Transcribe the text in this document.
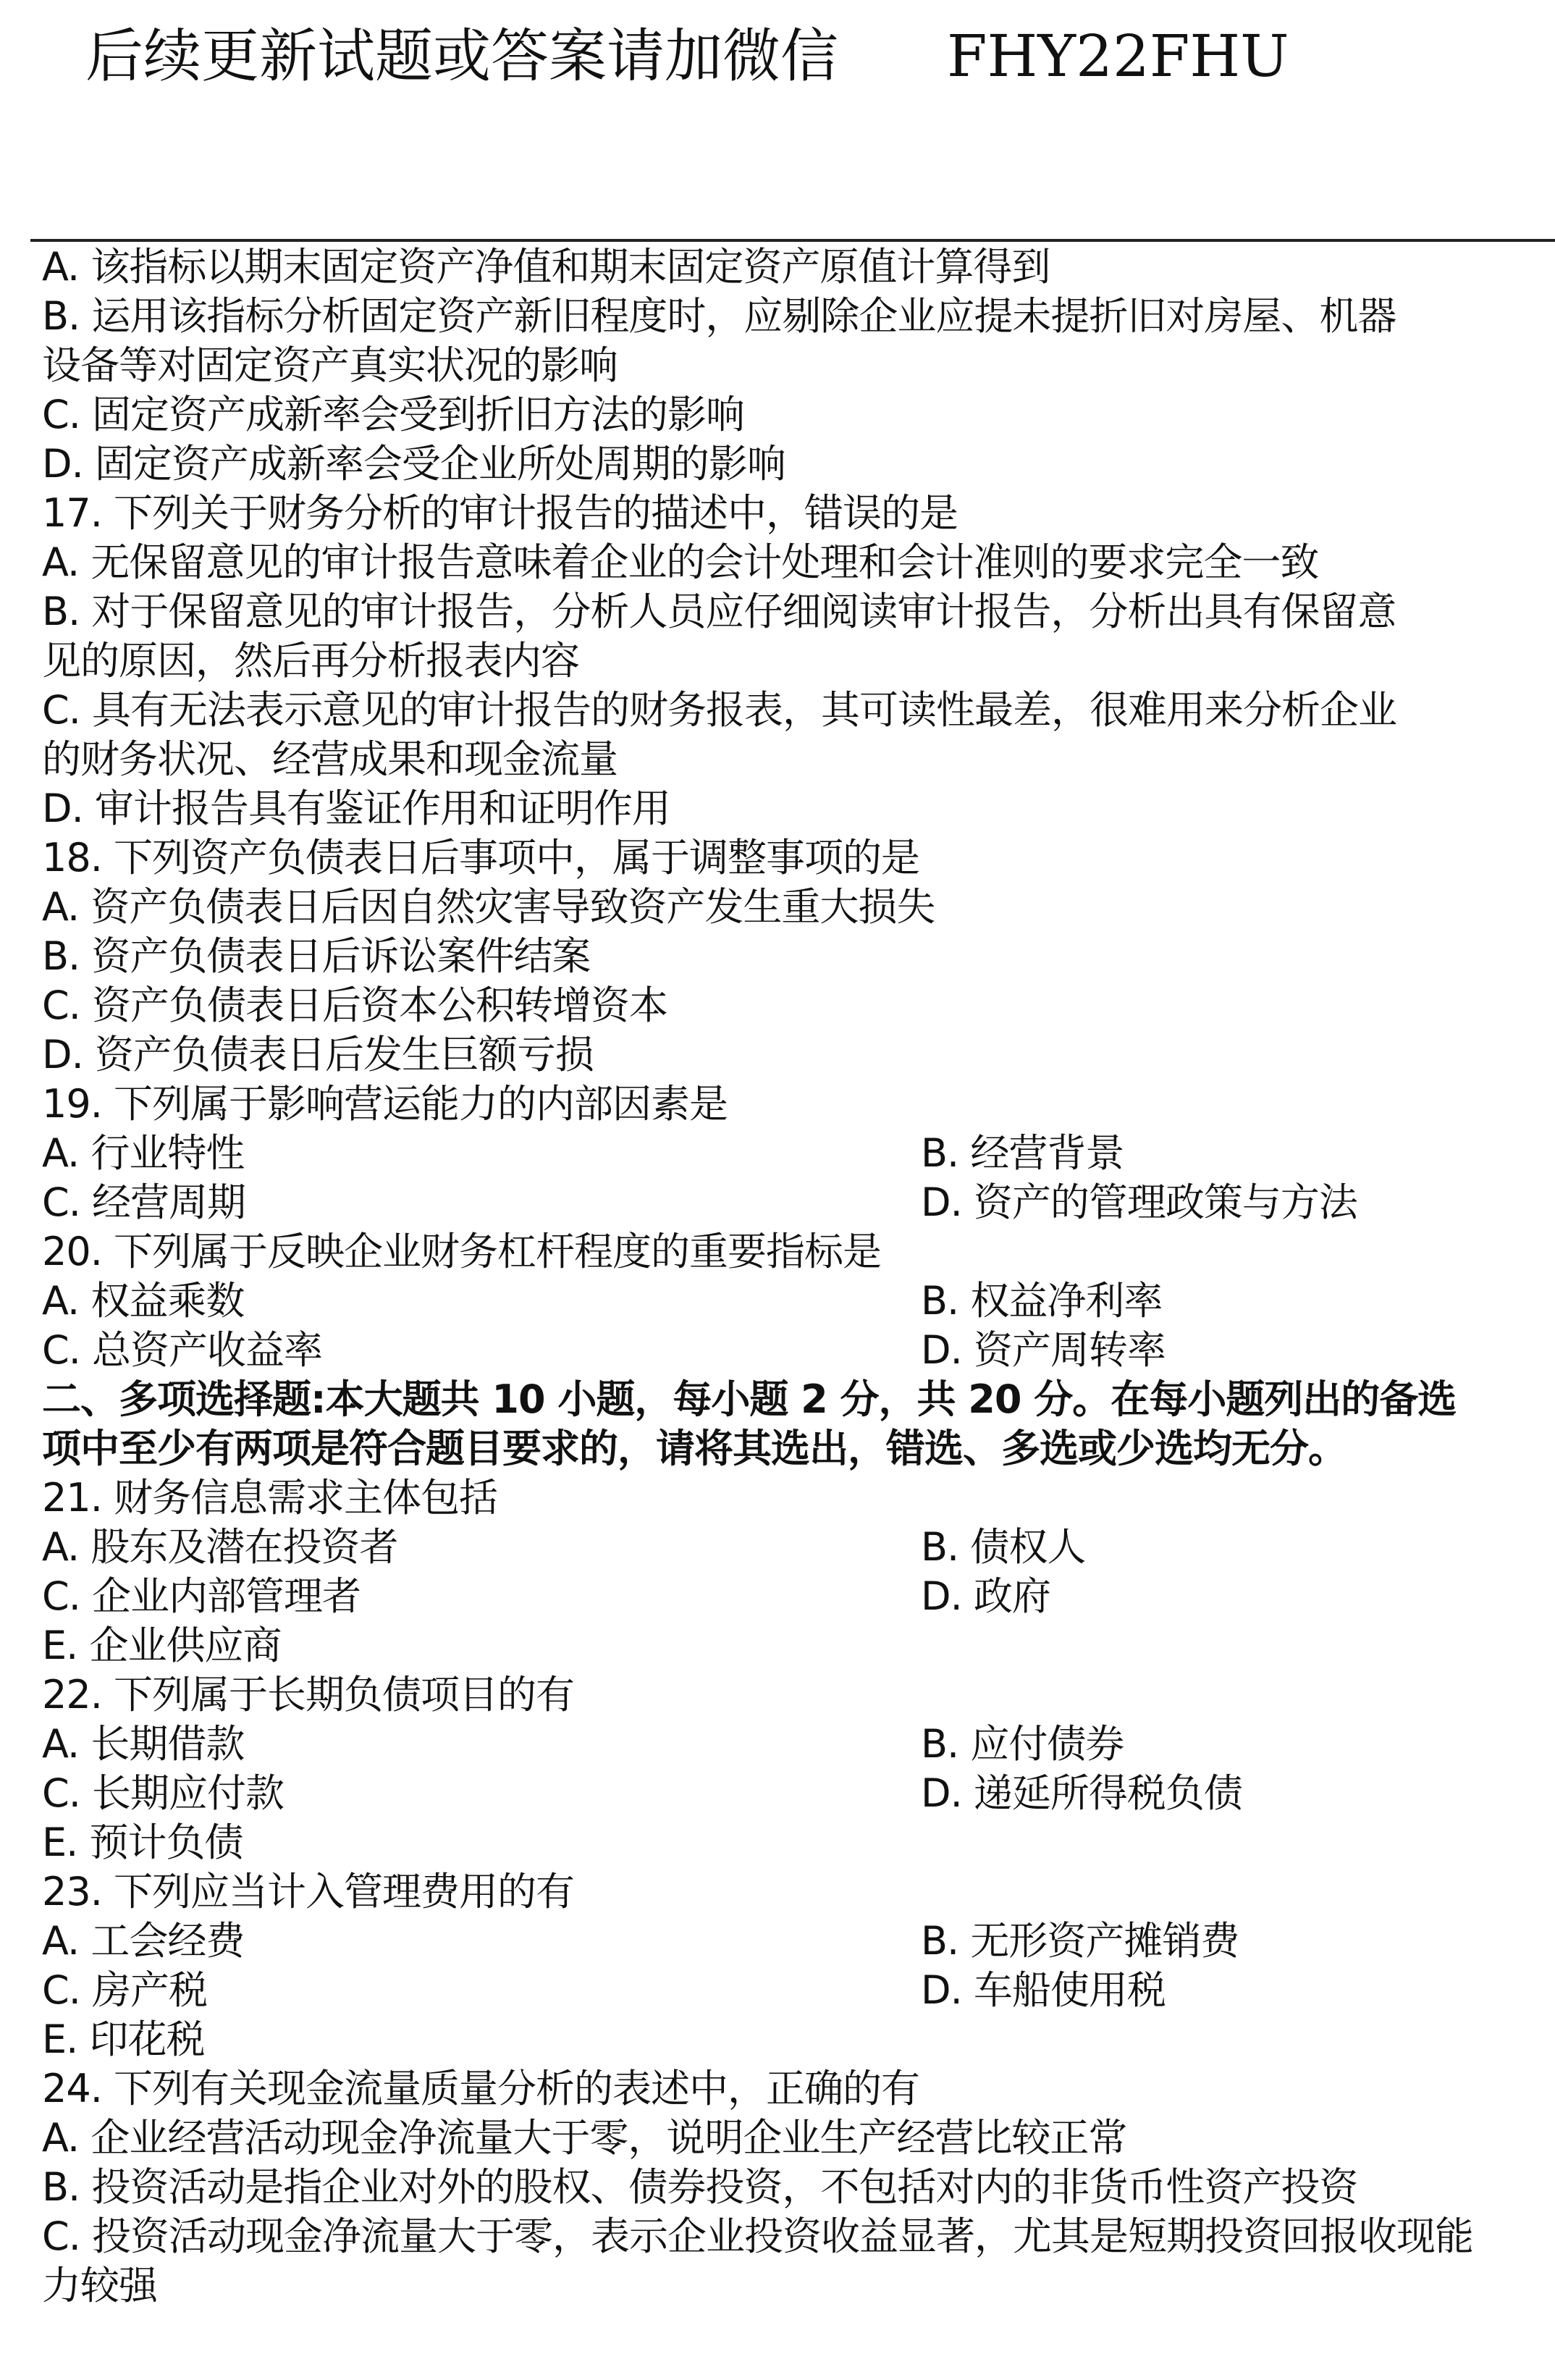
后续更新试题或答案请加微信 FHY22FHU
A. 该指标以期末固定资产净值和期末固定资产原值计算得到
B. 运用该指标分析固定资产新旧程度时，应剔除企业应提未提折旧对房屋、机器
设备等对固定资产真实状况的影响
C. 固定资产成新率会受到折旧方法的影响
D. 固定资产成新率会受企业所处周期的影响
17. 下列关于财务分析的审计报告的描述中，错误的是
A. 无保留意见的审计报告意味着企业的会计处理和会计准则的要求完全一致
B. 对于保留意见的审计报告，分析人员应仔细阅读审计报告，分析出具有保留意
见的原因，然后再分析报表内容
C. 具有无法表示意见的审计报告的财务报表，其可读性最差，很难用来分析企业
的财务状况、经营成果和现金流量
D. 审计报告具有鉴证作用和证明作用
18. 下列资产负债表日后事项中，属于调整事项的是
A. 资产负债表日后因自然灾害导致资产发生重大损失
B. 资产负债表日后诉讼案件结案
C. 资产负债表日后资本公积转增资本
D. 资产负债表日后发生巨额亏损
19. 下列属于影响营运能力的内部因素是
A. 行业特性	B. 经营背景
C. 经营周期	D. 资产的管理政策与方法
20. 下列属于反映企业财务杠杆程度的重要指标是
A. 权益乘数	B. 权益净利率
C. 总资产收益率	D. 资产周转率
二、多项选择题:本大题共 10 小题，每小题 2 分，共 20 分。在每小题列出的备选
项中至少有两项是符合题目要求的，请将其选出，错选、多选或少选均无分。
21. 财务信息需求主体包括
A. 股东及潜在投资者	B. 债权人
C. 企业内部管理者	D. 政府
E. 企业供应商
22. 下列属于长期负债项目的有
A. 长期借款	B. 应付债券
C. 长期应付款	D. 递延所得税负债
E. 预计负债
23. 下列应当计入管理费用的有
A. 工会经费	B. 无形资产摊销费
C. 房产税	D. 车船使用税
E. 印花税
24. 下列有关现金流量质量分析的表述中，正确的有
A. 企业经营活动现金净流量大于零，说明企业生产经营比较正常
B. 投资活动是指企业对外的股权、债券投资，不包括对内的非货币性资产投资
C. 投资活动现金净流量大于零，表示企业投资收益显著，尤其是短期投资回报收现能
力较强
